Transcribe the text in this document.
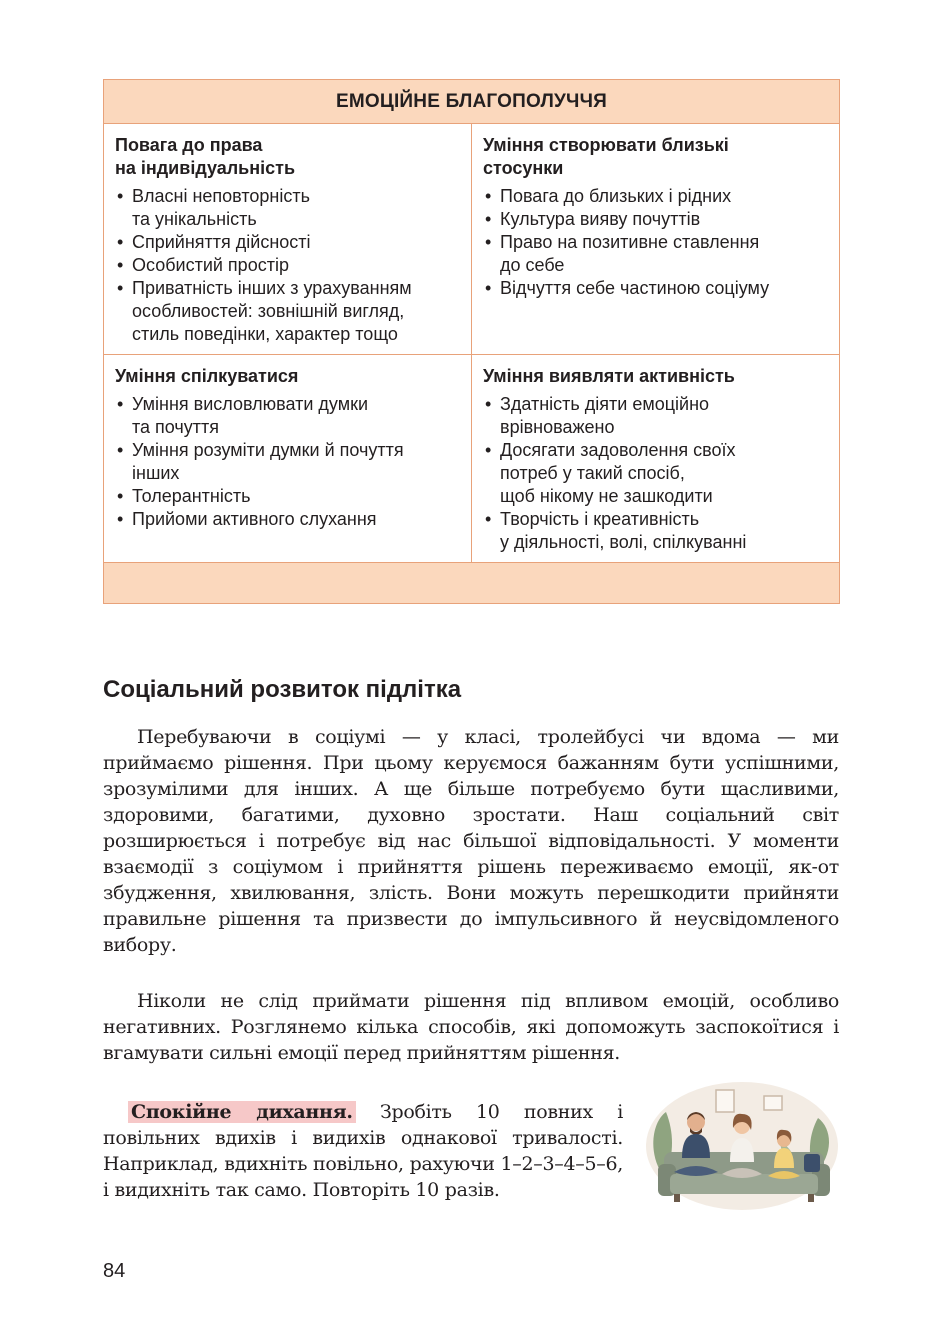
ЕМОЦІЙНЕ БЛАГОПОЛУЧЧЯ
Повага до права
на індивідуальність
• Власні неповторність
та унікальність
• Сприйняття дійсності
• Особистий простір
• Приватність інших з урахуванням
особливостей: зовнішній вигляд,
стиль поведінки, характер тощо
Уміння створювати близькі
стосунки
• Повага до близьких і рідних
• Культура вияву почуттів
• Право на позитивне ставлення
до себе
• Відчуття себе частиною соціуму
Уміння спілкуватися
• Уміння висловлювати думки
та почуття
• Уміння розуміти думки й почуття
інших
• Толерантність
• Прийоми активного слухання
Уміння виявляти активність
• Здатність діяти емоційно
врівноважено
• Досягати задоволення своїх
потреб у такий спосіб,
щоб нікому не зашкодити
• Творчість і креативність
у діяльності, волі, спілкуванні
Соціальний розвиток підлітка

Перебуваючи в соціумі — у класі, тролейбусі чи вдома — ми приймаємо рішення. При цьому керуємося бажанням бути успішними, зрозумілими для інших. А ще більше потребуємо бути щасливими, здоровими, багатими, духовно зростати. Наш соціальний світ розширюється і потребує від нас більшої відповідальності. У моменти взаємодії з соціумом і прийняття рішень переживаємо емоції, як-от збудження, хвилювання, злість. Вони можуть перешкодити прийняти правильне рішення та призвести до імпульсивного й неусвідомленого вибору.

Ніколи не слід приймати рішення під впливом емоцій, особливо негативних. Розглянемо кілька способів, які допоможуть заспокоїтися і вгамувати сильні емоції перед прийняттям рішення.

Спокійне дихання. Зробіть 10 повних і повільних вдихів і видихів однакової тривалості. Наприклад, вдихніть повільно, рахуючи 1–2–3–4–5–6, і видихніть так само. Повторіть 10 разів.

84
